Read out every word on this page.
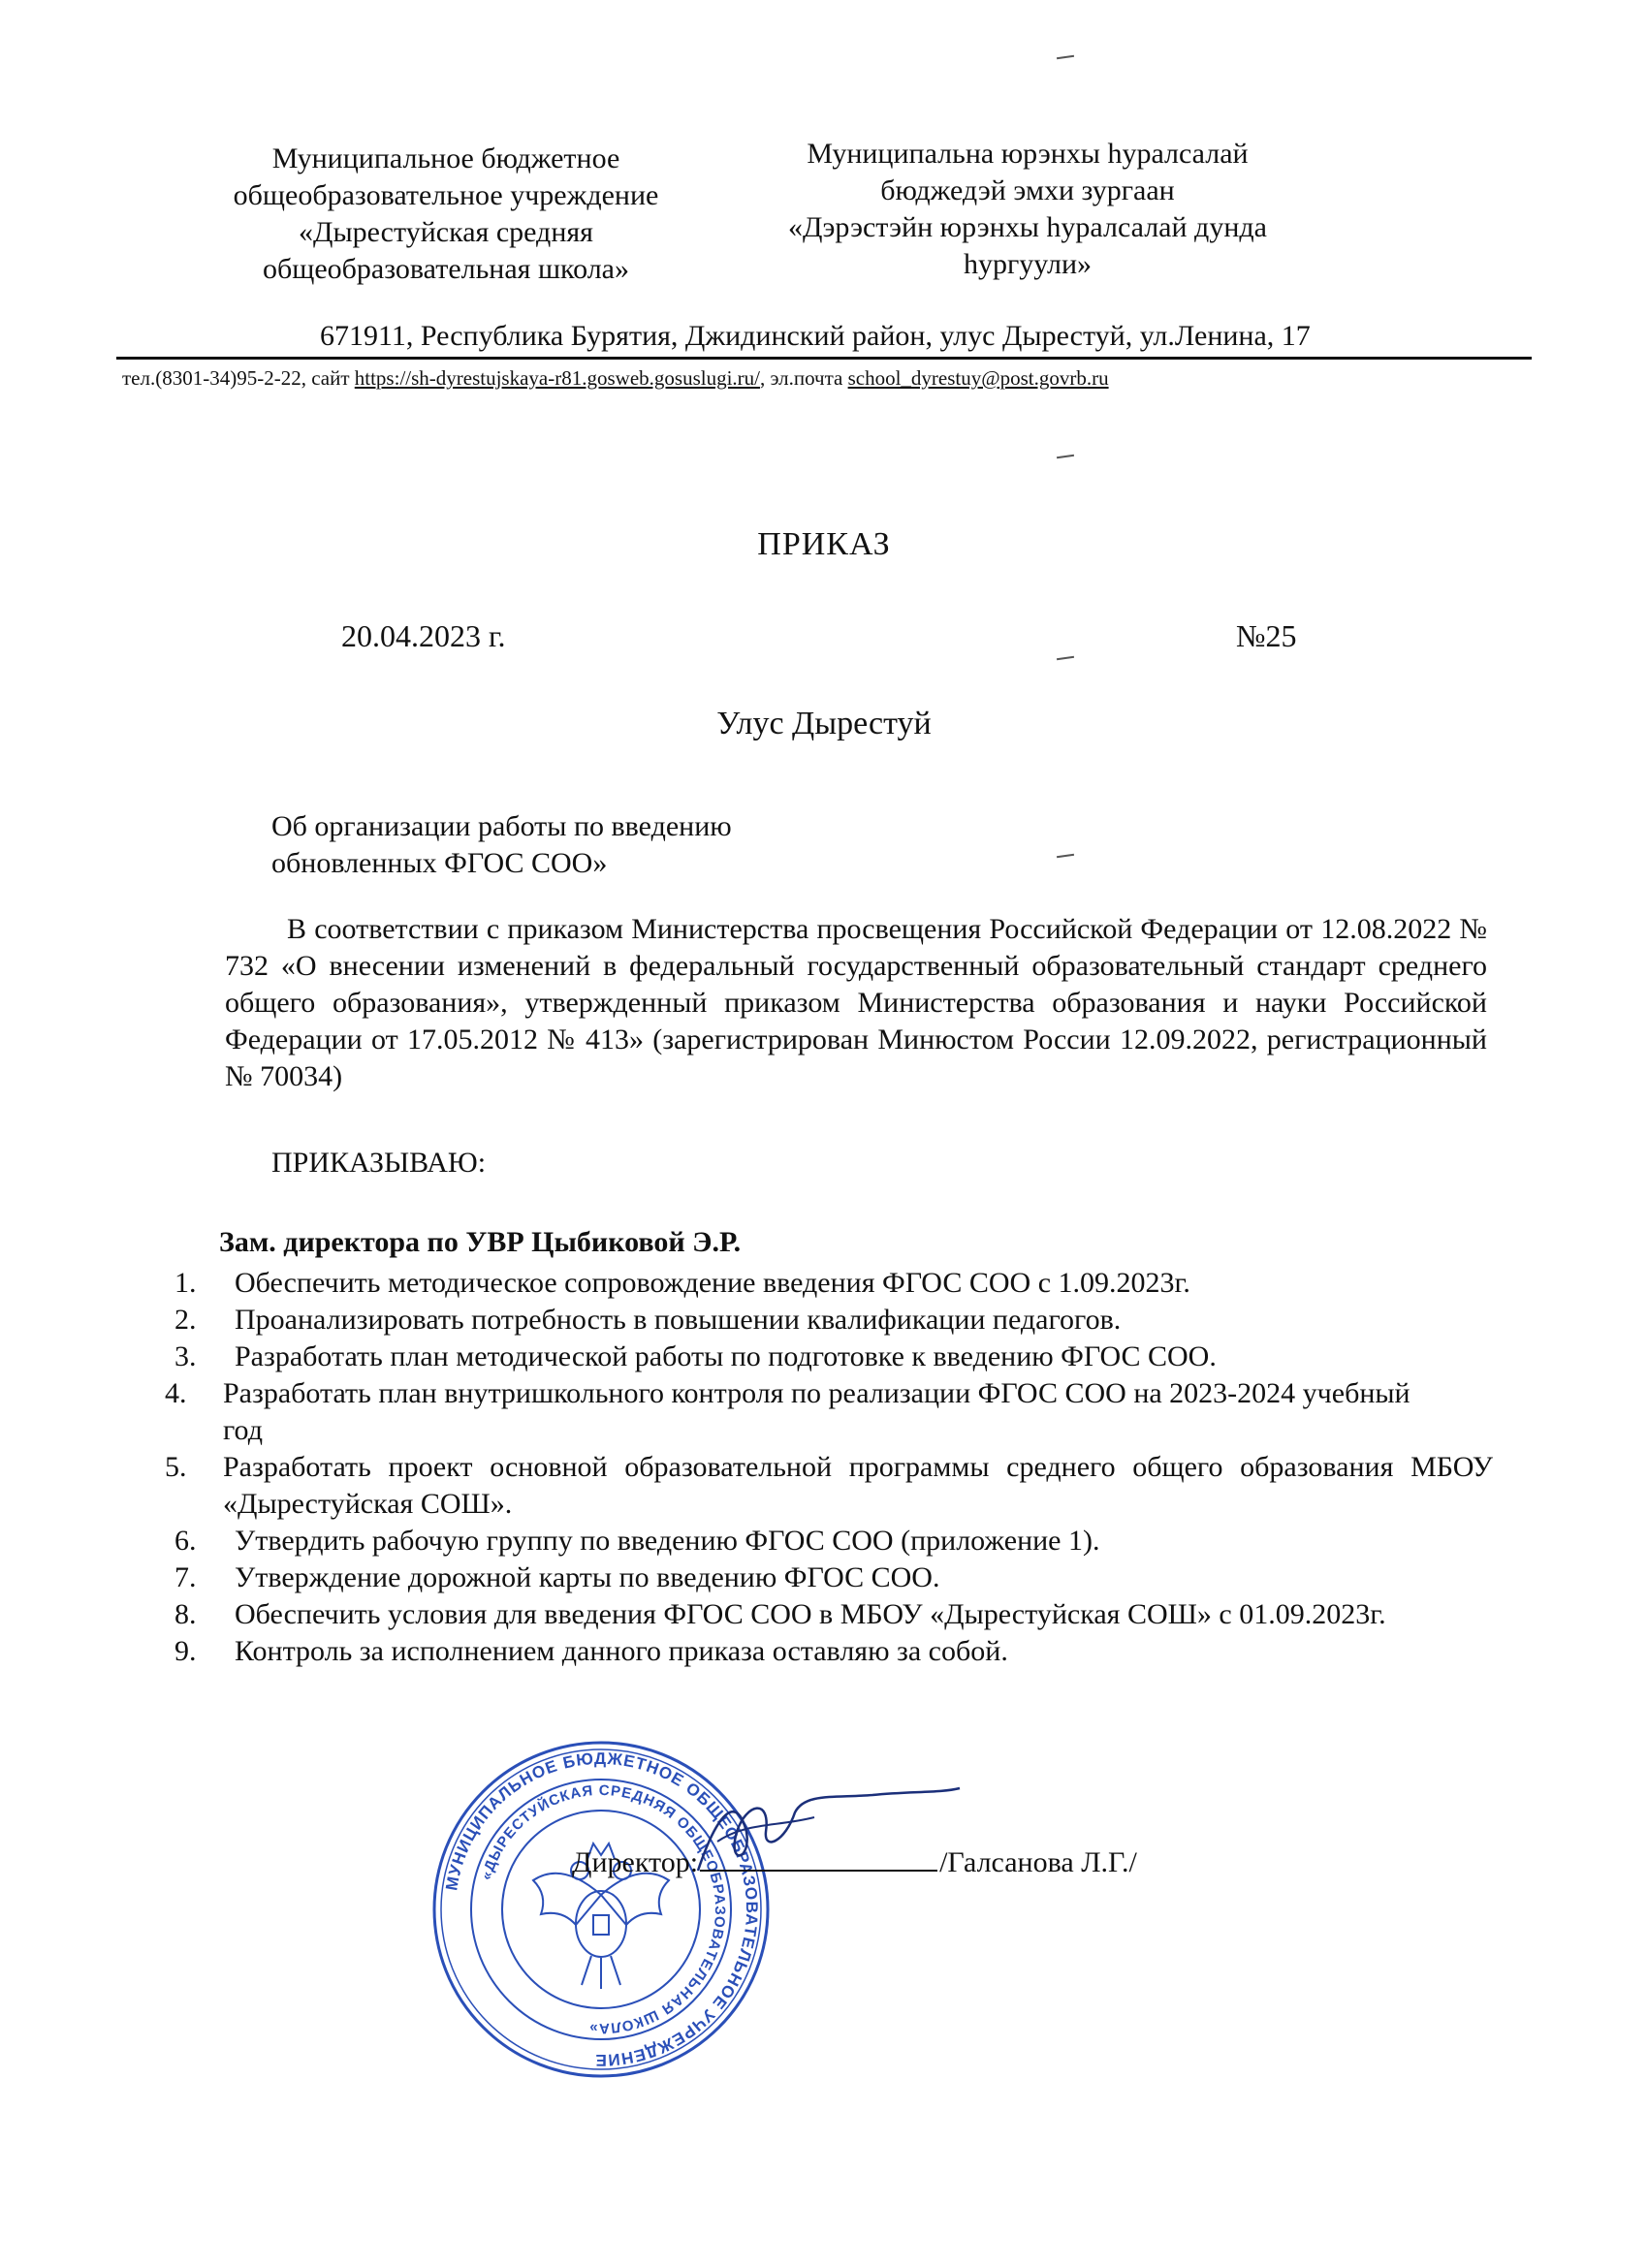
Муниципальное бюджетное
общеобразовательное учреждение
«Дырестуйская средняя
общеобразовательная школа»
Муниципальна юрэнхы һуралсалай
бюджедэй эмхи зургаан
«Дэрэстэйн юрэнхы һуралсалай дунда
һургуули»
671911, Республика Бурятия, Джидинский район, улус Дырестуй, ул.Ленина, 17
тел.(8301-34)95-2-22, сайт https://sh-dyrestujskaya-r81.gosweb.gosuslugi.ru/, эл.почта school_dyrestuy@post.govrb.ru
ПРИКАЗ
20.04.2023 г.	№25
Улус Дырестуй
Об организации работы по введению
обновленных ФГОС СОО»
В соответствии с приказом Министерства просвещения Российской Федерации от 12.08.2022 № 732 «О внесении изменений в федеральный государственный образовательный стандарт среднего общего образования», утвержденный приказом Министерства образования и науки Российской Федерации от 17.05.2012 № 413» (зарегистрирован Минюстом России 12.09.2022, регистрационный № 70034)
ПРИКАЗЫВАЮ:
Зам. директора по УВР Цыбиковой Э.Р.
1.	Обеспечить методическое сопровождение введения ФГОС СОО с 1.09.2023г.
2.	Проанализировать потребность в повышении квалификации педагогов.
3.	Разработать план методической работы по подготовке к введению ФГОС СОО.
4.	Разработать план внутришкольного контроля по реализации ФГОС СОО на 2023-2024 учебный год
5.	Разработать проект основной образовательной программы среднего общего образования МБОУ «Дырестуйская СОШ».
6.	Утвердить рабочую группу по введению ФГОС СОО (приложение 1).
7.	Утверждение дорожной карты по введению ФГОС СОО.
8.	Обеспечить условия для введения ФГОС СОО в МБОУ «Дырестуйская СОШ» с 01.09.2023г.
9.	Контроль за исполнением данного приказа оставляю за собой.
МУНИЦИПАЛЬНОЕ БЮДЖЕТНОЕ ОБЩЕОБРАЗОВАТЕЛЬНОЕ УЧРЕЖДЕНИЕ
«ДЫРЕСТУЙСКАЯ СРЕДНЯЯ ОБЩЕОБРАЗОВАТЕЛЬНАЯ ШКОЛА»
Директор:	/Галсанова Л.Г./
